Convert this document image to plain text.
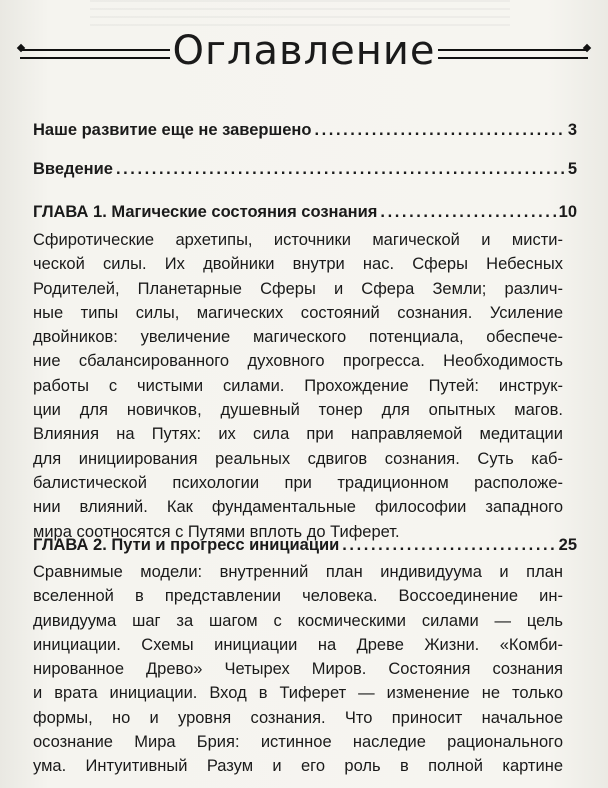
Оглавление
Наше развитие еще не завершено . . .	3
Введение . . .	5
ГЛАВА 1. Магические состояния сознания . . .	10
Сфиротические архетипы, источники магической и мисти-
ческой силы. Их двойники внутри нас. Сферы Небесных
Родителей, Планетарные Сферы и Сфера Земли; различ-
ные типы силы, магических состояний сознания. Усиление
двойников: увеличение магического потенциала, обеспече-
ние сбалансированного духовного прогресса. Необходимость
работы с чистыми силами. Прохождение Путей: инструк-
ции для новичков, душевный тонер для опытных магов.
Влияния на Путях: их сила при направляемой медитации
для инициирования реальных сдвигов сознания. Суть каб-
балистической психологии при традиционном расположе-
нии влияний. Как фундаментальные философии западного
мира соотносятся с Путями вплоть до Тиферет.
ГЛАВА 2. Пути и прогресс инициации . . .	25
Сравнимые модели: внутренний план индивидуума и план
вселенной в представлении человека. Воссоединение ин-
дивидуума шаг за шагом с космическими силами — цель
инициации. Схемы инициации на Древе Жизни. «Комби-
нированное Древо» Четырех Миров. Состояния сознания
и врата инициации. Вход в Тиферет — изменение не только
формы, но и уровня сознания. Что приносит начальное
осознание Мира Брия: истинное наследие рационального
ума. Интуитивный Разум и его роль в полной картине
